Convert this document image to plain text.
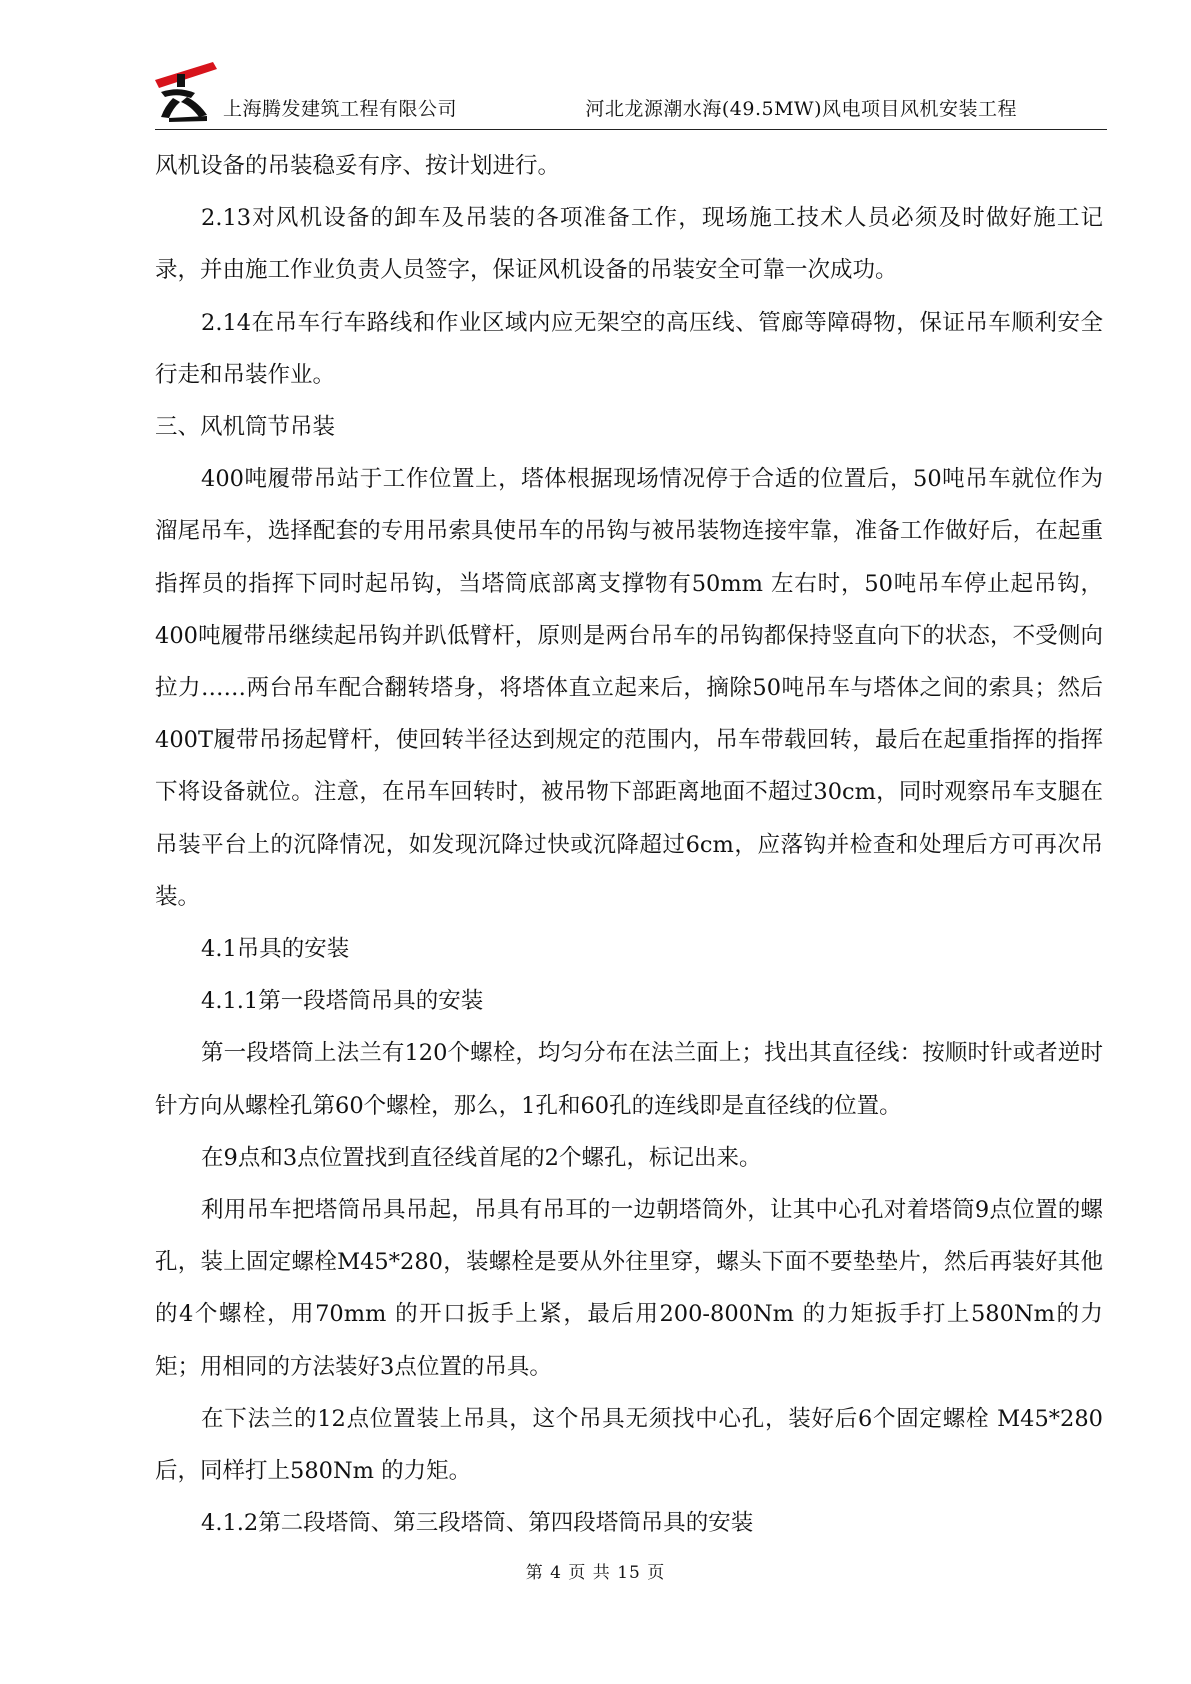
上海腾发建筑工程有限公司	河北龙源潮水海(49.5MW)风电项目风机安装工程

风机设备的吊装稳妥有序、按计划进行。

2.13对风机设备的卸车及吊装的各项准备工作，现场施工技术人员必须及时做好施工记录，并由施工作业负责人员签字，保证风机设备的吊装安全可靠一次成功。

2.14在吊车行车路线和作业区域内应无架空的高压线、管廊等障碍物，保证吊车顺利安全行走和吊装作业。

三、风机筒节吊装

400吨履带吊站于工作位置上，塔体根据现场情况停于合适的位置后，50吨吊车就位作为溜尾吊车，选择配套的专用吊索具使吊车的吊钩与被吊装物连接牢靠，准备工作做好后，在起重指挥员的指挥下同时起吊钩，当塔筒底部离支撑物有50mm 左右时，50吨吊车停止起吊钩，400吨履带吊继续起吊钩并趴低臂杆，原则是两台吊车的吊钩都保持竖直向下的状态，不受侧向拉力……两台吊车配合翻转塔身，将塔体直立起来后，摘除50吨吊车与塔体之间的索具；然后400T履带吊扬起臂杆，使回转半径达到规定的范围内，吊车带载回转，最后在起重指挥的指挥下将设备就位。注意，在吊车回转时，被吊物下部距离地面不超过30cm，同时观察吊车支腿在吊装平台上的沉降情况，如发现沉降过快或沉降超过6cm，应落钩并检查和处理后方可再次吊装。

4.1吊具的安装

4.1.1第一段塔筒吊具的安装

第一段塔筒上法兰有120个螺栓，均匀分布在法兰面上；找出其直径线：按顺时针或者逆时针方向从螺栓孔第60个螺栓，那么，1孔和60孔的连线即是直径线的位置。

在9点和3点位置找到直径线首尾的2个螺孔，标记出来。

利用吊车把塔筒吊具吊起，吊具有吊耳的一边朝塔筒外，让其中心孔对着塔筒9点位置的螺孔，装上固定螺栓M45*280，装螺栓是要从外往里穿，螺头下面不要垫垫片，然后再装好其他的4个螺栓，用70mm 的开口扳手上紧，最后用200-800Nm 的力矩扳手打上580Nm的力矩；用相同的方法装好3点位置的吊具。

在下法兰的12点位置装上吊具，这个吊具无须找中心孔，装好后6个固定螺栓 M45*280后，同样打上580Nm 的力矩。

4.1.2第二段塔筒、第三段塔筒、第四段塔筒吊具的安装

第 4 页 共 15 页
